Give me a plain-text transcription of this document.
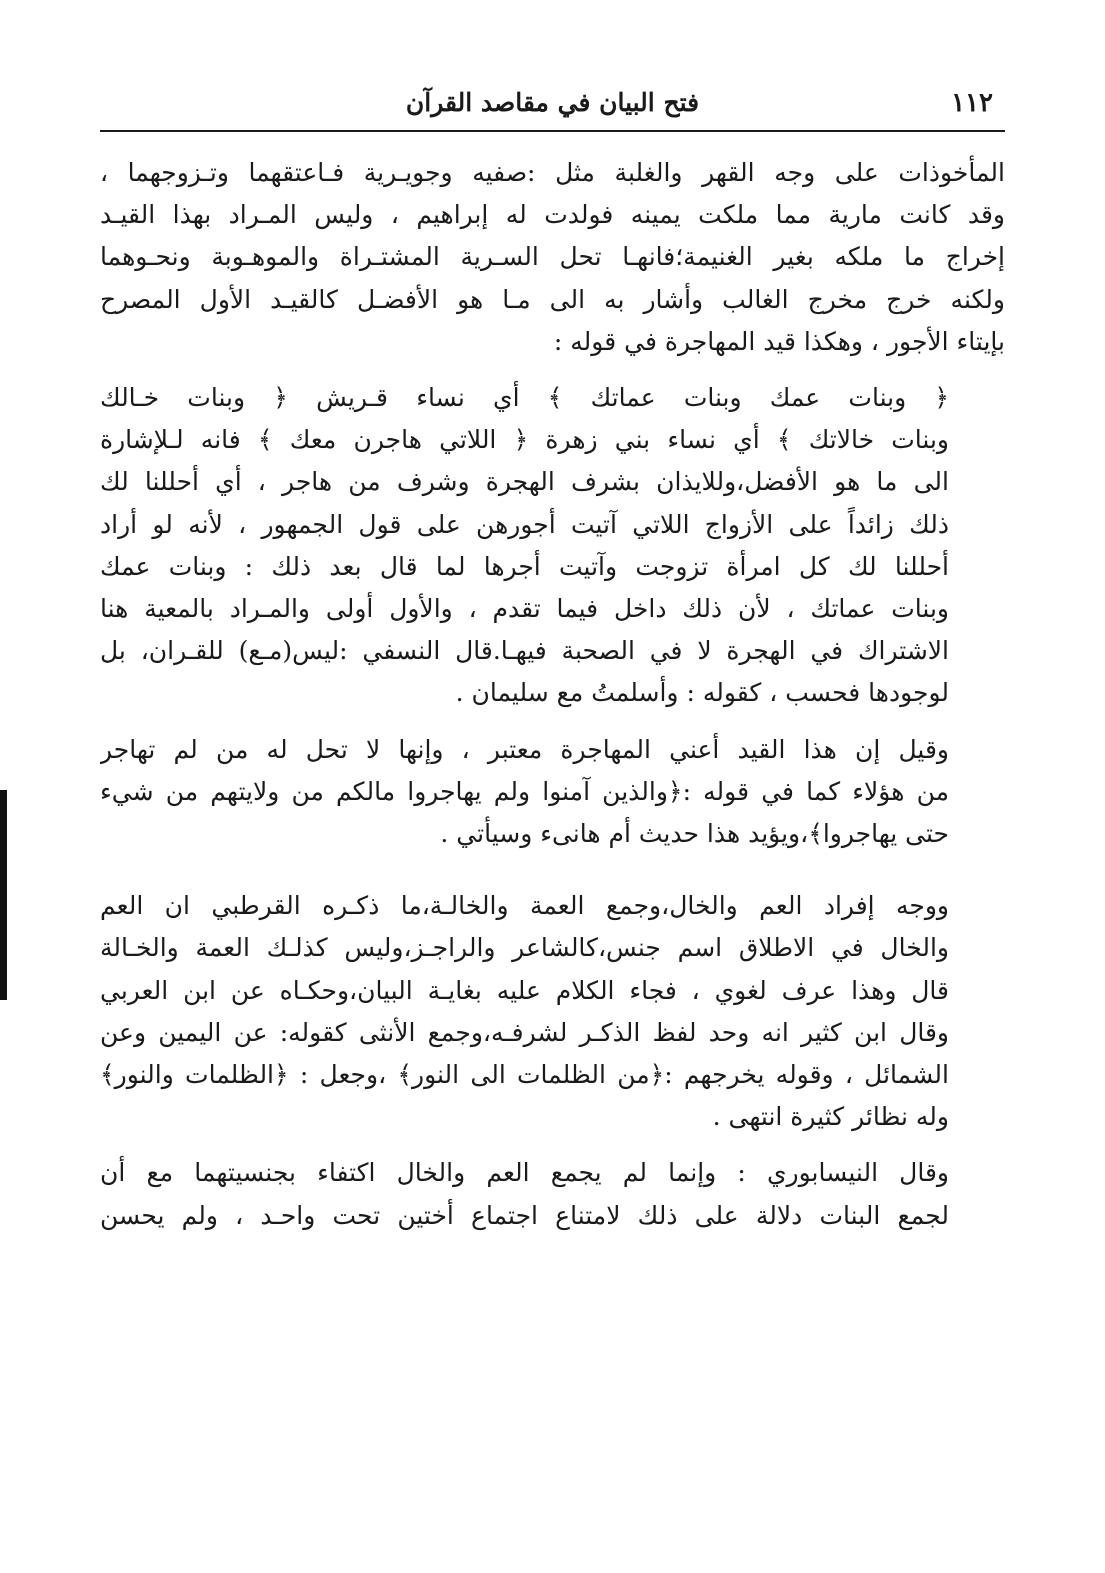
١١٢
فتح البيان في مقاصد القرآن

المأخوذات على وجه القهر والغلبة مثل :صفيه وجويـرية فـاعتقهما وتـزوجهما ،
وقد كانت مارية مما ملكت يمينه فولدت له إبراهيم ، وليس المـراد بهذا القيـد
إخراج ما ملكه بغير الغنيمة؛فانهـا تحل السـرية المشتـراة والموهـوبة ونحـوهما
ولكنه خرج مخرج الغالب وأشار به الى مـا هو الأفضـل كالقيـد الأول المصرح
بإيتاء الأجور ، وهكذا قيد المهاجرة في قوله :

﴿ وبنات عمك وبنات عماتك ﴾ أي نساء قـريش ﴿ وبنات خـالك
وبنات خالاتك ﴾ أي نساء بني زهرة ﴿ اللاتي هاجرن معك ﴾ فانه لـلإشارة
الى ما هو الأفضل،وللايذان بشرف الهجرة وشرف من هاجر ، أي أحللنا لك
ذلك زائداً على الأزواج اللاتي آتيت أجورهن على قول الجمهور ، لأنه لو أراد
أحللنا لك كل امرأة تزوجت وآتيت أجرها لما قال بعد ذلك : وبنات عمك
وبنات عماتك ، لأن ذلك داخل فيما تقدم ، والأول أولى والمـراد بالمعية هنا
الاشتراك في الهجرة لا في الصحبة فيهـا.قال النسفي :ليس(مـع) للقـران، بل
لوجودها فحسب ، كقوله : وأسلمتُ مع سليمان .

وقيل إن هذا القيد أعني المهاجرة معتبر ، وإنها لا تحل له من لم تهاجر
من هؤلاء كما في قوله :﴿والذين آمنوا ولم يهاجروا مالكم من ولايتهم من شيء
حتى يهاجروا﴾،ويؤيد هذا حديث أم هانىء وسيأتي .

ووجه إفراد العم والخال،وجمع العمة والخالـة،ما ذكـره القرطبي ان العم
والخال في الاطلاق اسم جنس،كالشاعر والراجـز،وليس كذلـك العمة والخـالة
قال وهذا عرف لغوي ، فجاء الكلام عليه بغايـة البيان،وحكـاه عن ابن العربي
وقال ابن كثير انه وحد لفظ الذكـر لشرفـه،وجمع الأنثى كقوله: عن اليمين وعن
الشمائل ، وقوله يخرجهم :﴿من الظلمات الى النور﴾ ،وجعل : ﴿الظلمات والنور﴾
وله نظائر كثيرة انتهى .

وقال النيسابوري : وإنما لم يجمع العم والخال اكتفاء بجنسيتهما مع أن
لجمع البنات دلالة على ذلك لامتناع اجتماع أختين تحت واحـد ، ولم يحسن
